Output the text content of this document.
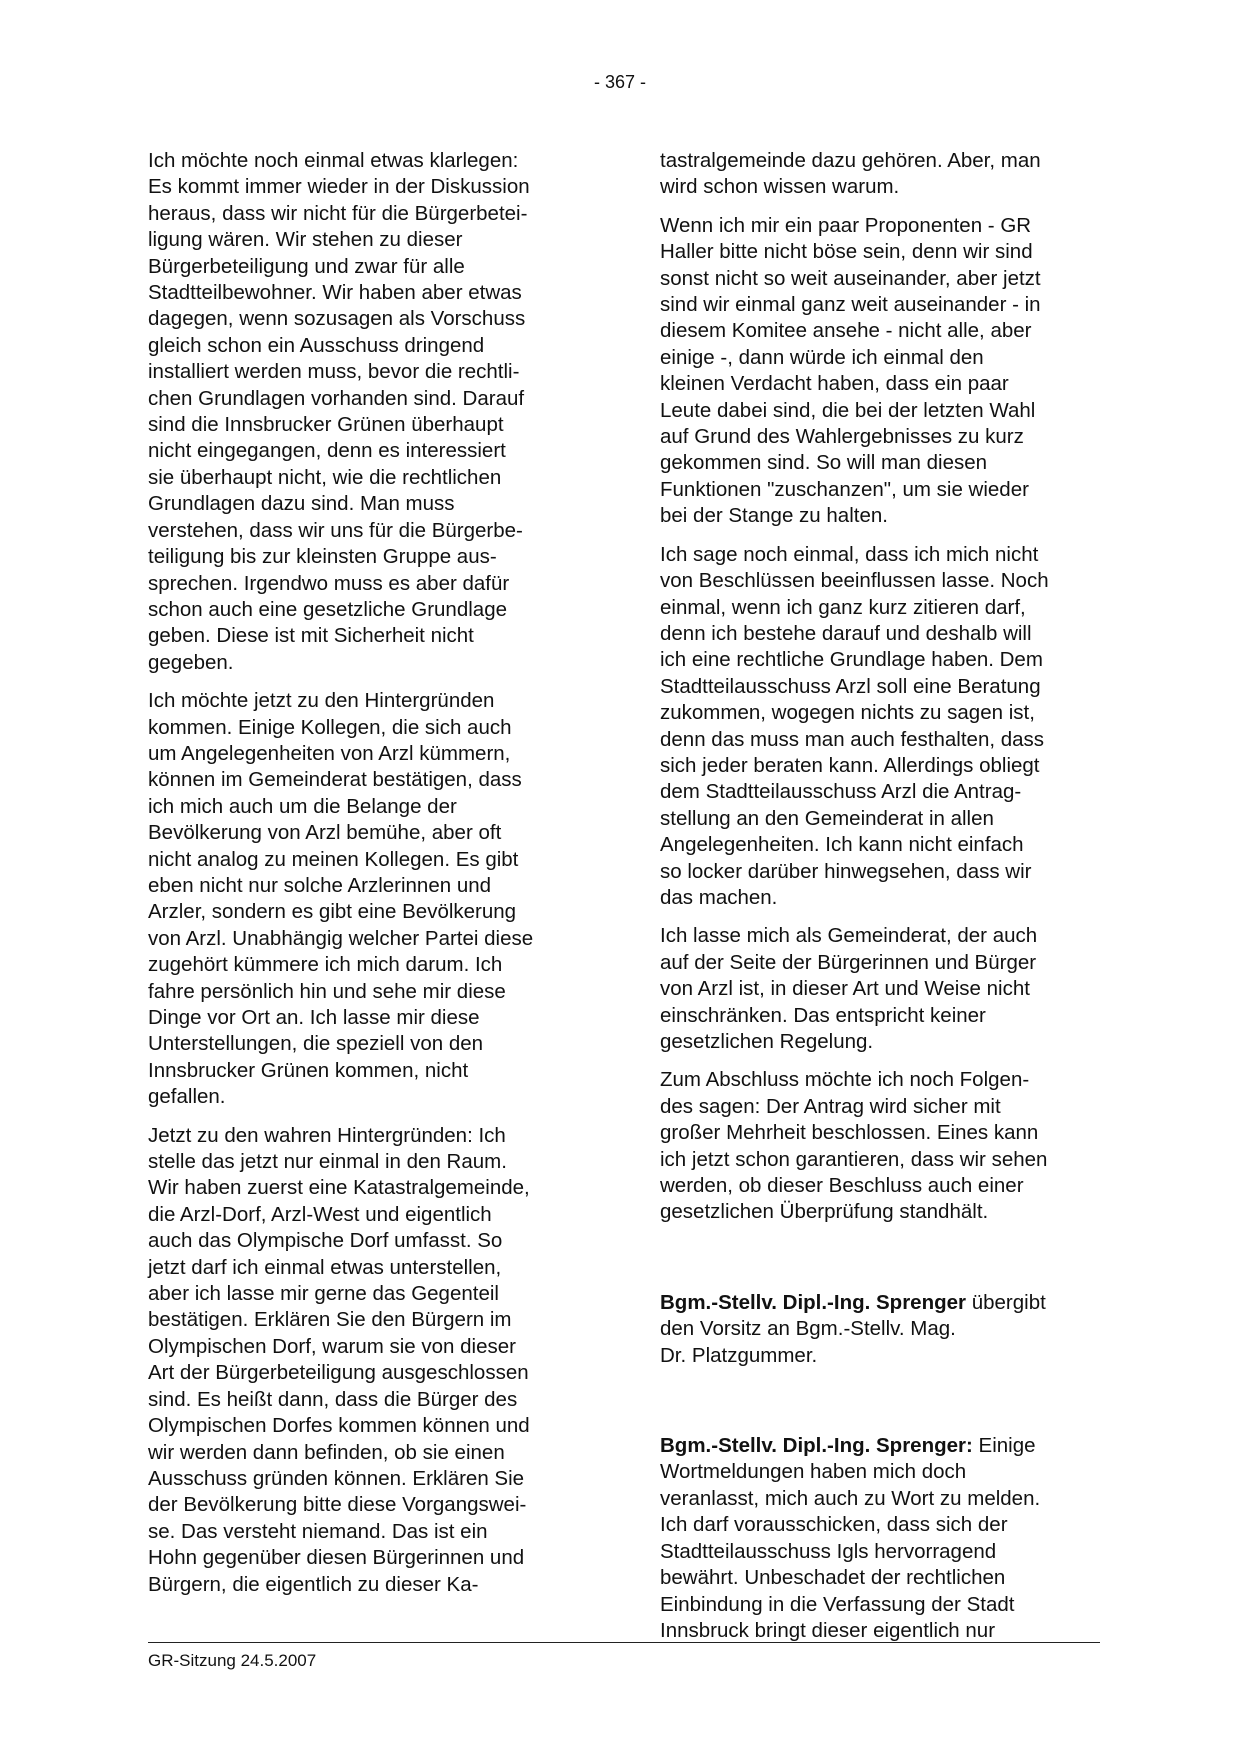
- 367 -

Ich möchte noch einmal etwas klarlegen:
Es kommt immer wieder in der Diskussion
heraus, dass wir nicht für die Bürgerbetei-
ligung wären. Wir stehen zu dieser
Bürgerbeteiligung und zwar für alle
Stadtteilbewohner. Wir haben aber etwas
dagegen, wenn sozusagen als Vorschuss
gleich schon ein Ausschuss dringend
installiert werden muss, bevor die rechtli-
chen Grundlagen vorhanden sind. Darauf
sind die Innsbrucker Grünen überhaupt
nicht eingegangen, denn es interessiert
sie überhaupt nicht, wie die rechtlichen
Grundlagen dazu sind. Man muss
verstehen, dass wir uns für die Bürgerbe-
teiligung bis zur kleinsten Gruppe aus-
sprechen. Irgendwo muss es aber dafür
schon auch eine gesetzliche Grundlage
geben. Diese ist mit Sicherheit nicht
gegeben.

Ich möchte jetzt zu den Hintergründen
kommen. Einige Kollegen, die sich auch
um Angelegenheiten von Arzl kümmern,
können im Gemeinderat bestätigen, dass
ich mich auch um die Belange der
Bevölkerung von Arzl bemühe, aber oft
nicht analog zu meinen Kollegen. Es gibt
eben nicht nur solche Arzlerinnen und
Arzler, sondern es gibt eine Bevölkerung
von Arzl. Unabhängig welcher Partei diese
zugehört kümmere ich mich darum. Ich
fahre persönlich hin und sehe mir diese
Dinge vor Ort an. Ich lasse mir diese
Unterstellungen, die speziell von den
Innsbrucker Grünen kommen, nicht
gefallen.

Jetzt zu den wahren Hintergründen: Ich
stelle das jetzt nur einmal in den Raum.
Wir haben zuerst eine Katastralgemeinde,
die Arzl-Dorf, Arzl-West und eigentlich
auch das Olympische Dorf umfasst. So
jetzt darf ich einmal etwas unterstellen,
aber ich lasse mir gerne das Gegenteil
bestätigen. Erklären Sie den Bürgern im
Olympischen Dorf, warum sie von dieser
Art der Bürgerbeteiligung ausgeschlossen
sind. Es heißt dann, dass die Bürger des
Olympischen Dorfes kommen können und
wir werden dann befinden, ob sie einen
Ausschuss gründen können. Erklären Sie
der Bevölkerung bitte diese Vorgangswei-
se. Das versteht niemand. Das ist ein
Hohn gegenüber diesen Bürgerinnen und
Bürgern, die eigentlich zu dieser Ka-

tastralgemeinde dazu gehören. Aber, man
wird schon wissen warum.

Wenn ich mir ein paar Proponenten - GR
Haller bitte nicht böse sein, denn wir sind
sonst nicht so weit auseinander, aber jetzt
sind wir einmal ganz weit auseinander - in
diesem Komitee ansehe - nicht alle, aber
einige -, dann würde ich einmal den
kleinen Verdacht haben, dass ein paar
Leute dabei sind, die bei der letzten Wahl
auf Grund des Wahlergebnisses zu kurz
gekommen sind. So will man diesen
Funktionen "zuschanzen", um sie wieder
bei der Stange zu halten.

Ich sage noch einmal, dass ich mich nicht
von Beschlüssen beeinflussen lasse. Noch
einmal, wenn ich ganz kurz zitieren darf,
denn ich bestehe darauf und deshalb will
ich eine rechtliche Grundlage haben. Dem
Stadtteilausschuss Arzl soll eine Beratung
zukommen, wogegen nichts zu sagen ist,
denn das muss man auch festhalten, dass
sich jeder beraten kann. Allerdings obliegt
dem Stadtteilausschuss Arzl die Antrag-
stellung an den Gemeinderat in allen
Angelegenheiten. Ich kann nicht einfach
so locker darüber hinwegsehen, dass wir
das machen.

Ich lasse mich als Gemeinderat, der auch
auf der Seite der Bürgerinnen und Bürger
von Arzl ist, in dieser Art und Weise nicht
einschränken. Das entspricht keiner
gesetzlichen Regelung.

Zum Abschluss möchte ich noch Folgen-
des sagen: Der Antrag wird sicher mit
großer Mehrheit beschlossen. Eines kann
ich jetzt schon garantieren, dass wir sehen
werden, ob dieser Beschluss auch einer
gesetzlichen Überprüfung standhält.

Bgm.-Stellv. Dipl.-Ing. Sprenger übergibt
den Vorsitz an Bgm.-Stellv. Mag.
Dr. Platzgummer.

Bgm.-Stellv. Dipl.-Ing. Sprenger: Einige
Wortmeldungen haben mich doch
veranlasst, mich auch zu Wort zu melden.
Ich darf vorausschicken, dass sich der
Stadtteilausschuss Igls hervorragend
bewährt. Unbeschadet der rechtlichen
Einbindung in die Verfassung der Stadt
Innsbruck bringt dieser eigentlich nur

GR-Sitzung 24.5.2007
